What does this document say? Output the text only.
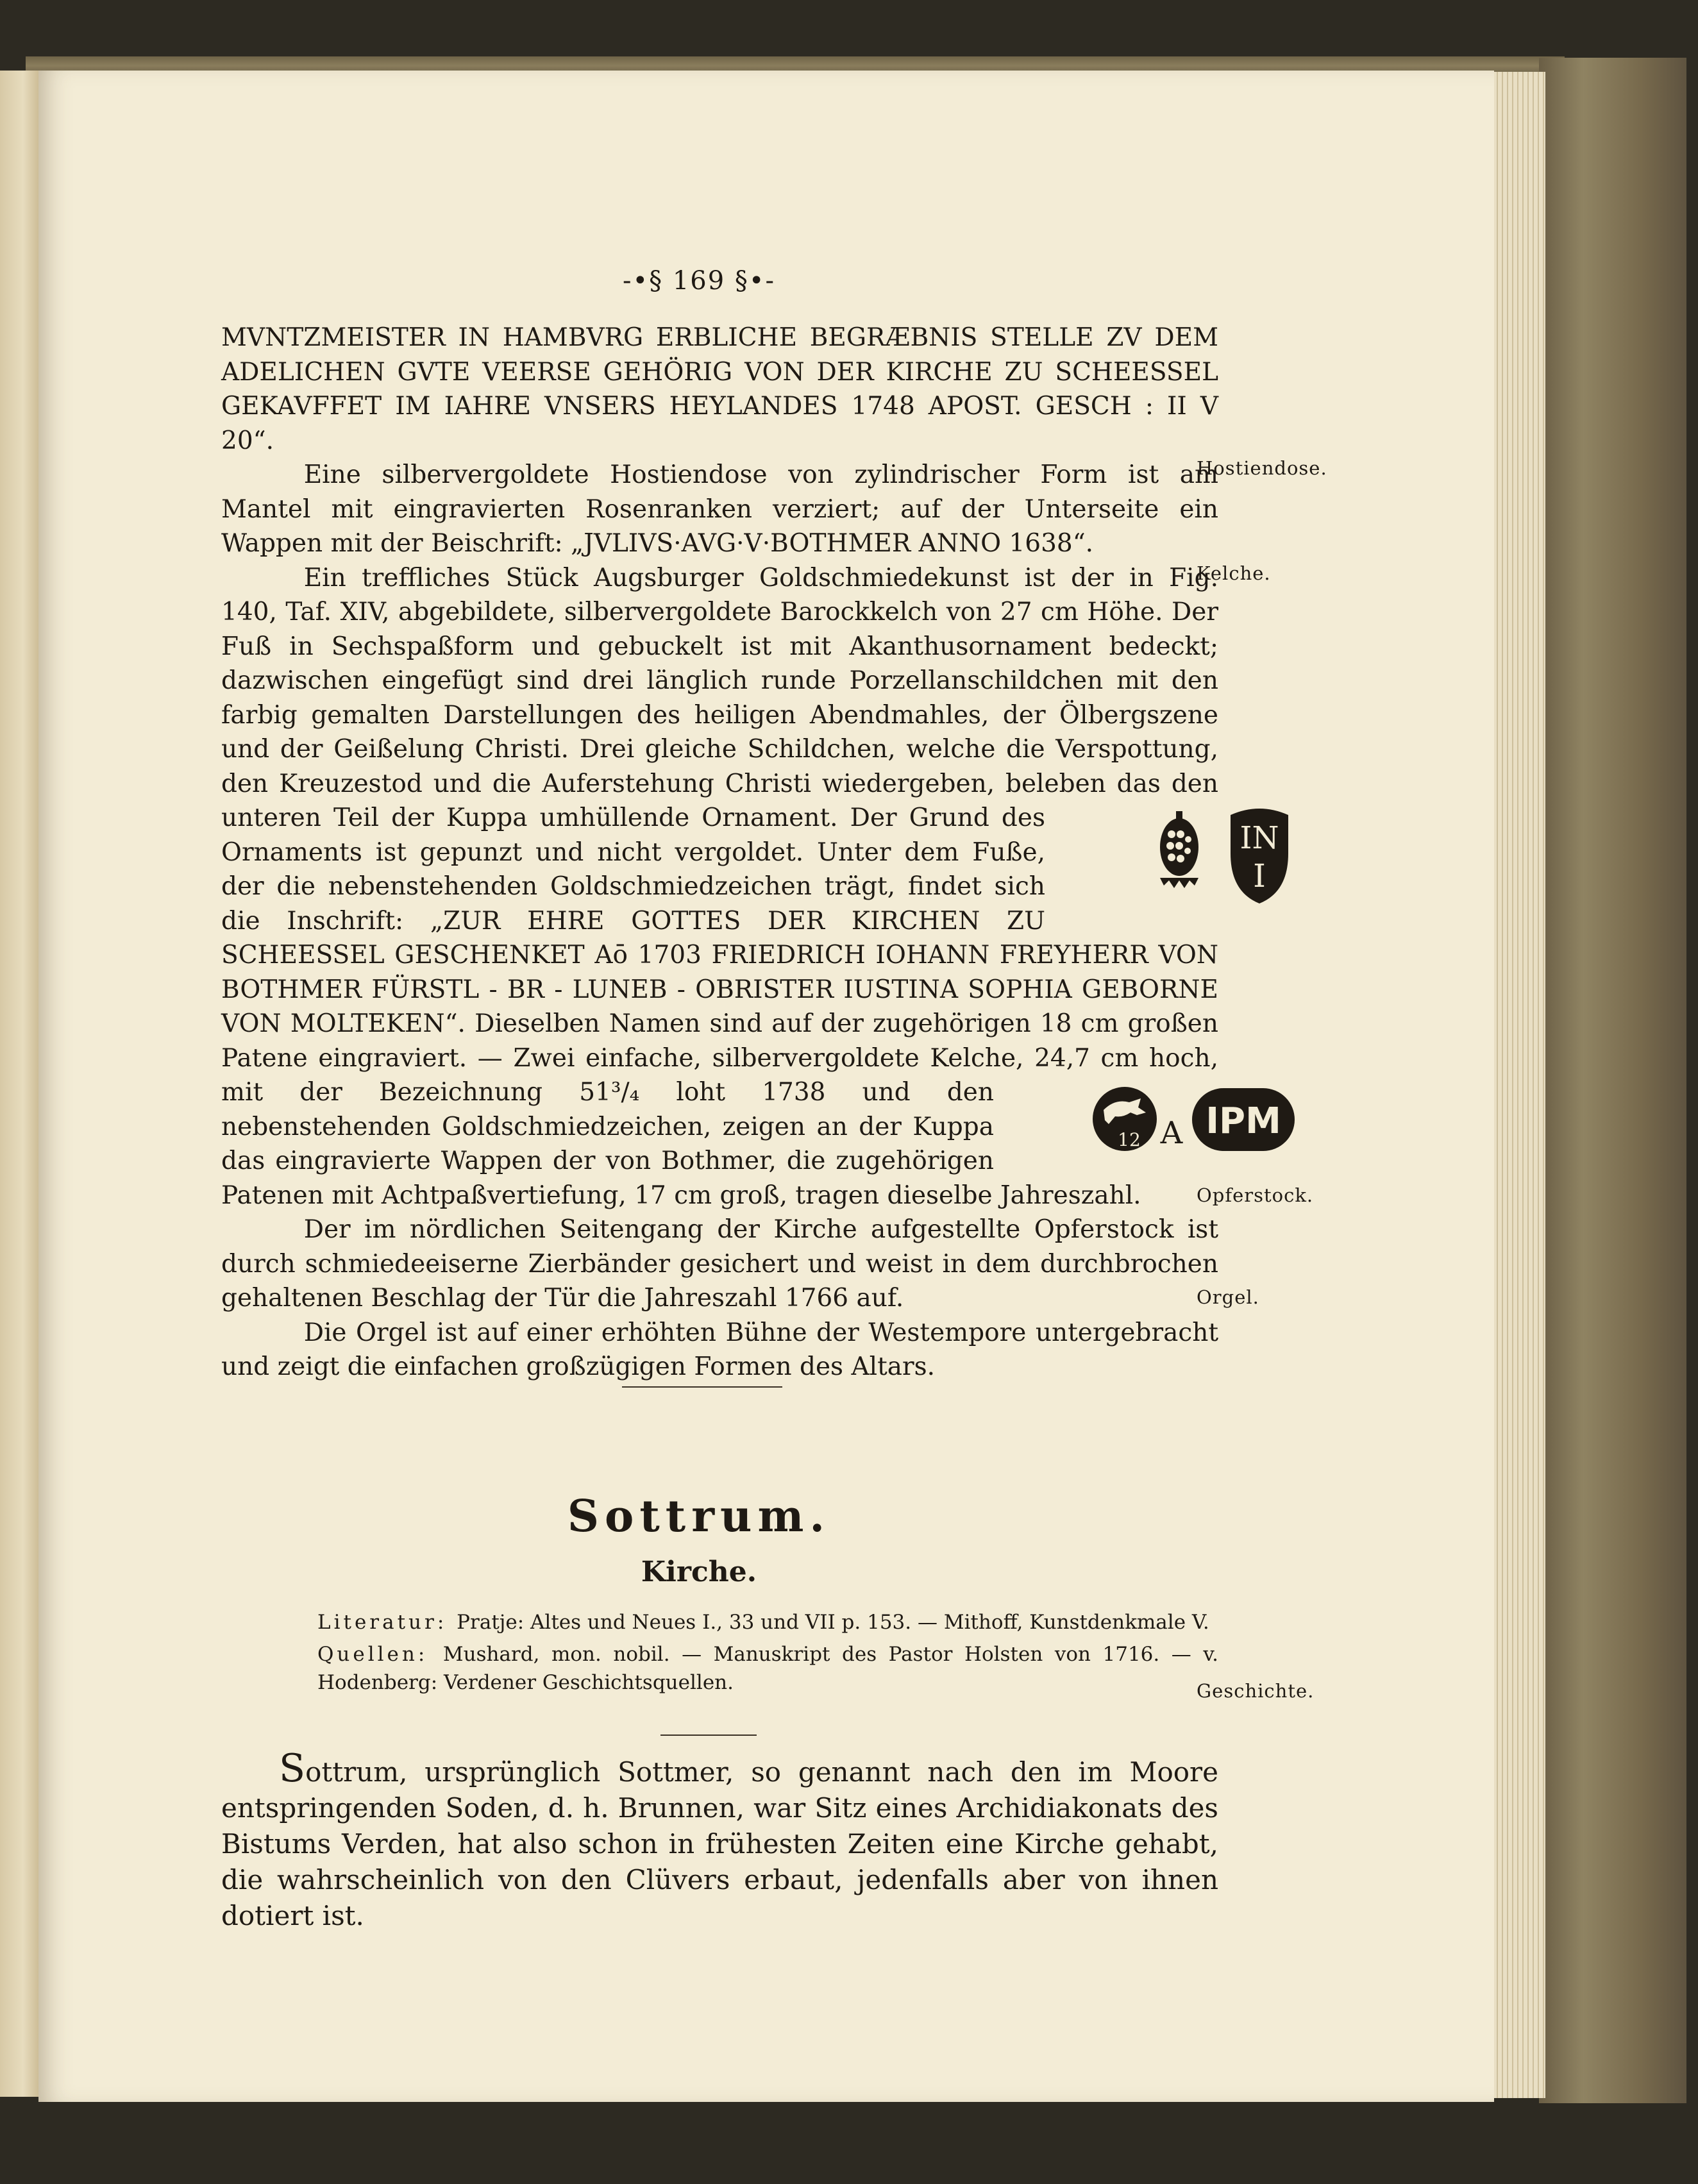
-•§ 169 §•-

MVNTZMEISTER IN HAMBVRG ERBLICHE BEGRÆBNIS STELLE ZV DEM ADELICHEN GVTE VEERSE GEHÖRIG VON DER KIRCHE ZU SCHEESSEL GEKAVFFET IM IAHRE VNSERS HEYLANDES 1748 APOST. GESCH : II V 20“.

Eine silbervergoldete Hostiendose von zylindrischer Form ist am Mantel mit eingravierten Rosenranken verziert; auf der Unterseite ein Wappen mit der Beischrift: „JVLIVS·AVG·V·BOTHMER ANNO 1638“.

Ein treffliches Stück Augsburger Goldschmiedekunst ist der in Fig. 140, Taf. XIV, abgebildete, silbervergoldete Barockkelch von 27 cm Höhe. Der Fuß in Sechspaßform und gebuckelt ist mit Akanthusornament bedeckt; dazwischen eingefügt sind drei länglich runde Porzellanschildchen mit den farbig gemalten Darstellungen des heiligen Abendmahles, der Ölbergszene und der Geißelung Christi. Drei gleiche Schildchen, welche die Verspottung, den Kreuzestod und die Auferstehung Christi wiedergeben, beleben das den unteren Teil der Kuppa umhüllende Ornament.
IN
I
Der Grund des Ornaments ist gepunzt und nicht vergoldet. Unter dem Fuße, der die nebenstehenden Goldschmiedzeichen trägt, findet sich die Inschrift: „ZUR EHRE GOTTES DER KIRCHEN ZU SCHEESSEL GESCHENKET Aō 1703 FRIEDRICH IOHANN FREYHERR VON BOTHMER FÜRSTL - BR - LUNEB - OBRISTER IUSTINA SOPHIA GEBORNE VON MOLTEKEN“. Dieselben Namen sind auf der zugehörigen 18 cm großen Patene eingraviert. — Zwei einfache, silbervergoldete Kelche,
12 A IPM
24,7 cm hoch, mit der Bezeichnung 51³/₄ loht 1738 und den nebenstehenden Goldschmiedzeichen, zeigen an der Kuppa das eingravierte Wappen der von Bothmer, die zugehörigen Patenen mit Achtpaßvertiefung, 17 cm groß, tragen dieselbe Jahreszahl.

Der im nördlichen Seitengang der Kirche aufgestellte Opferstock ist durch schmiedeeiserne Zierbänder gesichert und weist in dem durchbrochen gehaltenen Beschlag der Tür die Jahreszahl 1766 auf.

Die Orgel ist auf einer erhöhten Bühne der Westempore untergebracht und zeigt die einfachen großzügigen Formen des Altars.

Hostiendose.
Kelche.
Opferstock.
Orgel.
Geschichte.
Sottrum.
Kirche.

Literatur: Pratje: Altes und Neues I., 33 und VII p. 153. — Mithoff, Kunstdenkmale V.

Quellen: Mushard, mon. nobil. — Manuskript des Pastor Holsten von 1716. — v. Hodenberg: Verdener Geschichtsquellen.

Sottrum, ursprünglich Sottmer, so genannt nach den im Moore entspringenden Soden, d. h. Brunnen, war Sitz eines Archidiakonats des Bistums Verden, hat also schon in frühesten Zeiten eine Kirche gehabt, die wahrscheinlich von den Clüvers erbaut, jedenfalls aber von ihnen dotiert ist.
